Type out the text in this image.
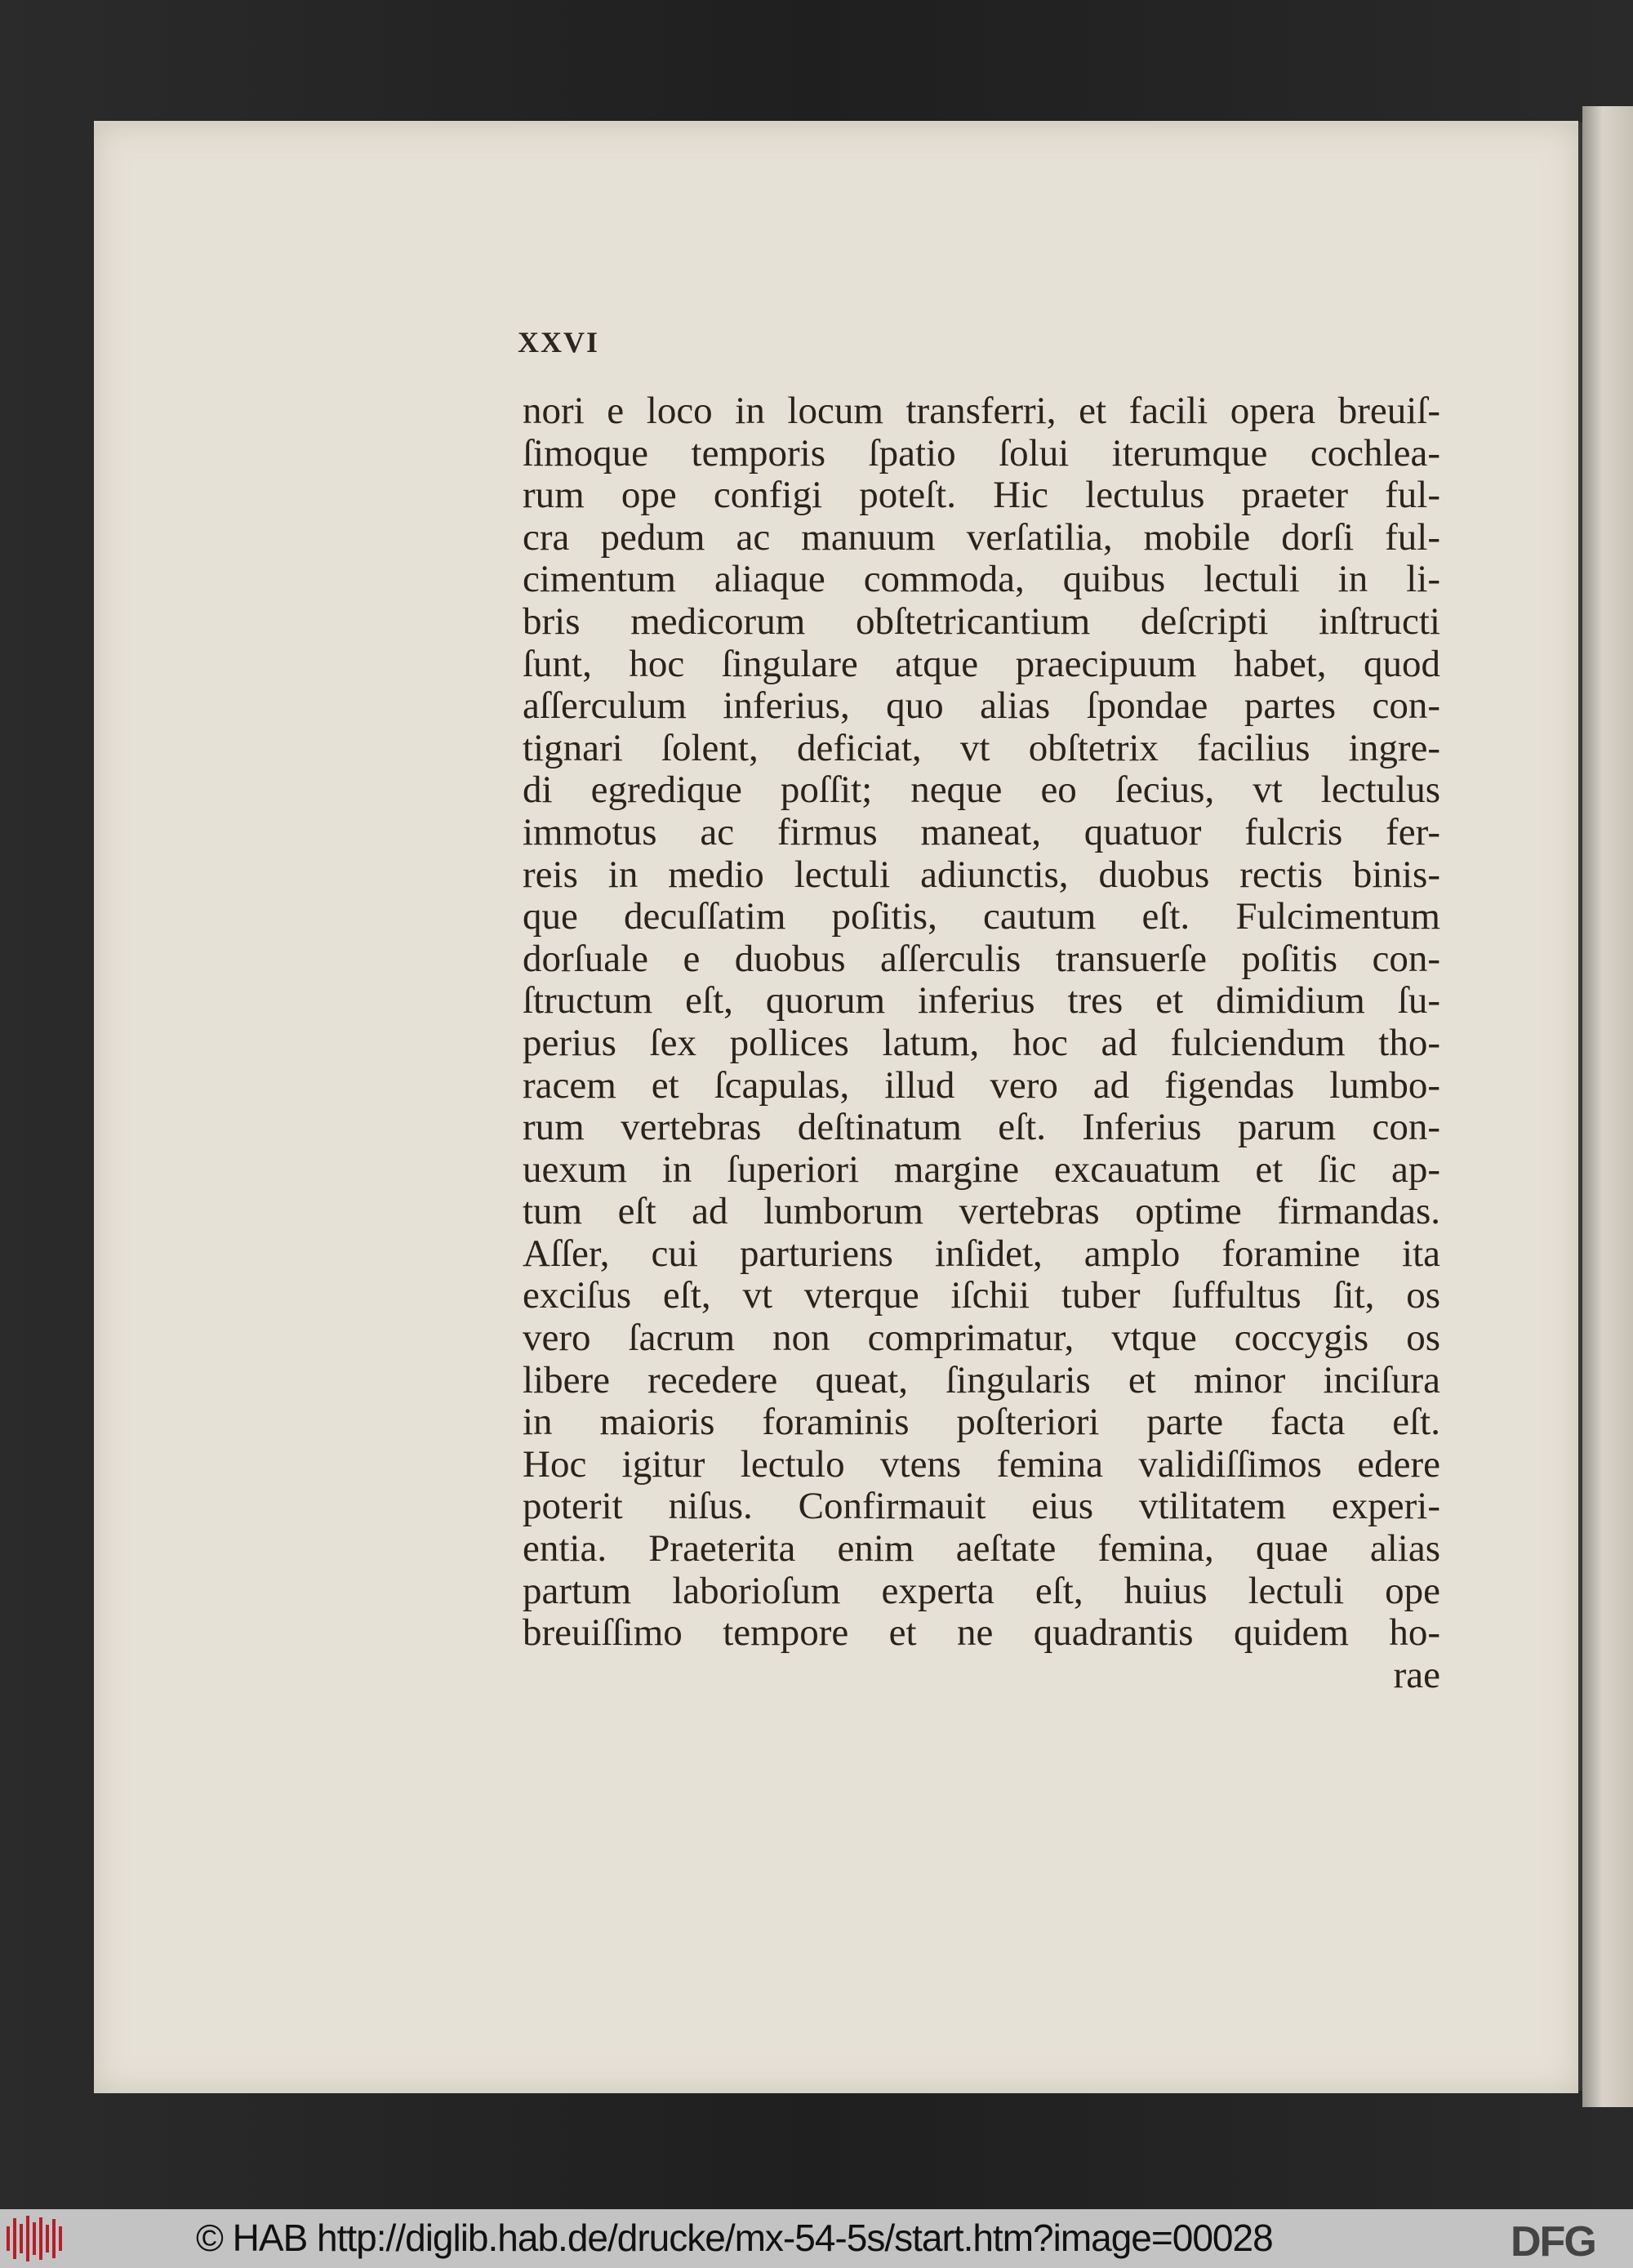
XXVI
nori e loco in locum transferri, et facili opera breuiſ-
ſimoque temporis ſpatio ſolui iterumque cochlea-
rum ope configi poteſt. Hic lectulus praeter ful-
cra pedum ac manuum verſatilia, mobile dorſi ful-
cimentum aliaque commoda, quibus lectuli in li-
bris medicorum obſtetricantium deſcripti inſtructi
ſunt, hoc ſingulare atque praecipuum habet, quod
aſſerculum inferius, quo alias ſpondae partes con-
tignari ſolent, deficiat, vt obſtetrix facilius ingre-
di egredique poſſit; neque eo ſecius, vt lectulus
immotus ac firmus maneat, quatuor fulcris fer-
reis in medio lectuli adiunctis, duobus rectis binis-
que decuſſatim poſitis, cautum eſt. Fulcimentum
dorſuale e duobus aſſerculis transuerſe poſitis con-
ſtructum eſt, quorum inferius tres et dimidium ſu-
perius ſex pollices latum, hoc ad fulciendum tho-
racem et ſcapulas, illud vero ad figendas lumbo-
rum vertebras deſtinatum eſt. Inferius parum con-
uexum in ſuperiori margine excauatum et ſic ap-
tum eſt ad lumborum vertebras optime firmandas.
Aſſer, cui parturiens inſidet, amplo foramine ita
exciſus eſt, vt vterque iſchii tuber ſuffultus ſit, os
vero ſacrum non comprimatur, vtque coccygis os
libere recedere queat, ſingularis et minor inciſura
in maioris foraminis poſteriori parte facta eſt.
Hoc igitur lectulo vtens femina validiſſimos edere
poterit niſus. Confirmauit eius vtilitatem experi-
entia. Praeterita enim aeſtate femina, quae alias
partum laborioſum experta eſt, huius lectuli ope
breuiſſimo tempore et ne quadrantis quidem ho-
rae
© HAB http://diglib.hab.de/drucke/mx-54-5s/start.htm?image=00028	DFG
